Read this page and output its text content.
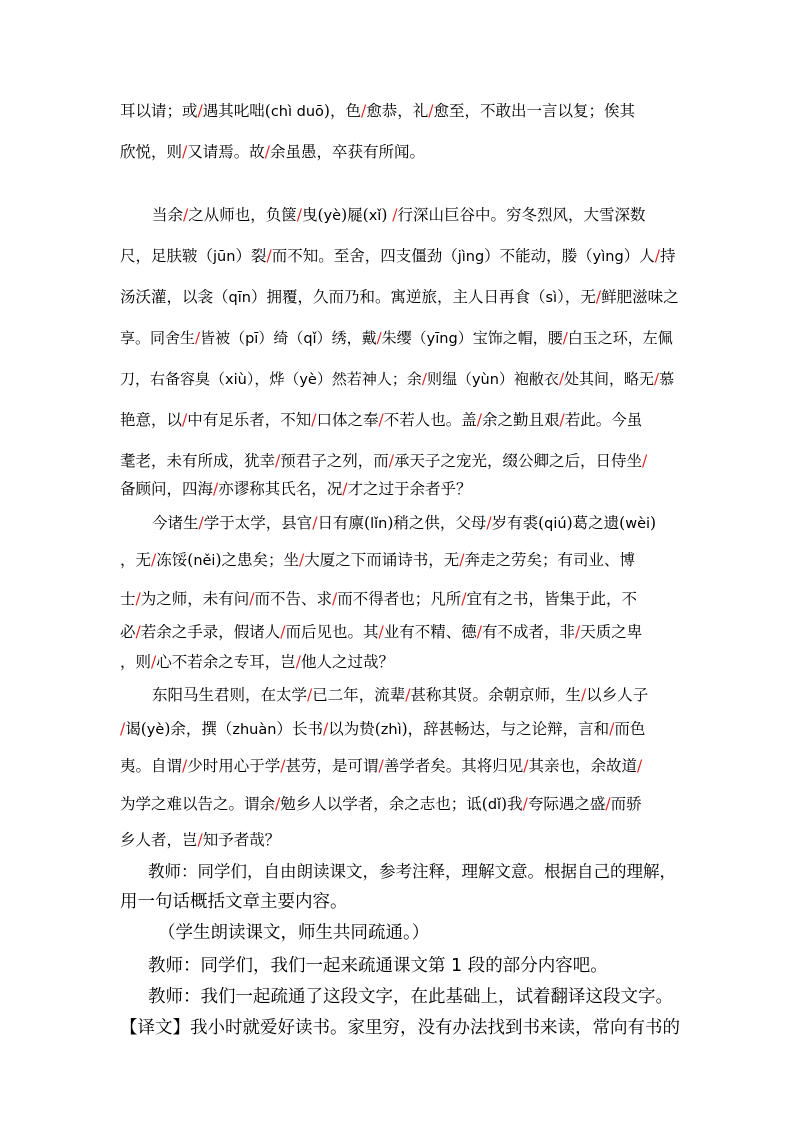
耳以请；或/遇其叱咄(chì duō)，色/愈恭，礼/愈至，不敢出一言以复；俟其
欣悦，则/又请焉。故/余虽愚，卒获有所闻。
当余/之从师也，负箧/曳(yè)屣(xǐ) /行深山巨谷中。穷冬烈风，大雪深数
尺，足肤皲（jūn）裂/而不知。至舍，四支僵劲（jìng）不能动，媵（yìng）人/持
汤沃灌，以衾（qīn）拥覆，久而乃和。寓逆旅，主人日再食（sì），无/鲜肥滋味之
享。同舍生/皆被（pī）绮（qǐ）绣，戴/朱缨（yīng）宝饰之帽，腰/白玉之环，左佩
刀，右备容臭（xiù），烨（yè）然若神人；余/则缊（yùn）袍敝衣/处其间，略无/慕
艳意，以/中有足乐者，不知/口体之奉/不若人也。盖/余之勤且艰/若此。今虽
耄老，未有所成，犹幸/预君子之列，而/承天子之宠光，缀公卿之后，日侍坐/
备顾问，四海/亦谬称其氏名，况/才之过于余者乎？
今诸生/学于太学，县官/日有廪(lǐn)稍之供，父母/岁有裘(qiú)葛之遗(wèi)
，无/冻馁(něi)之患矣；坐/大厦之下而诵诗书，无/奔走之劳矣；有司业、博
士/为之师，未有问/而不告、求/而不得者也；凡所/宜有之书，皆集于此，不
必/若余之手录，假诸人/而后见也。其/业有不精、德/有不成者，非/天质之卑
，则/心不若余之专耳，岂/他人之过哉？
东阳马生君则，在太学/已二年，流辈/甚称其贤。余朝京师，生/以乡人子
/谒(yè)余，撰（zhuàn）长书/以为贽(zhì)，辞甚畅达，与之论辩，言和/而色
夷。自谓/少时用心于学/甚劳，是可谓/善学者矣。其将归见/其亲也，余故道/
为学之难以告之。谓余/勉乡人以学者，余之志也；诋(dǐ)我/夸际遇之盛/而骄
乡人者，岂/知予者哉？
教师：同学们，自由朗读课文，参考注释，理解文意。根据自己的理解，
用一句话概括文章主要内容。
（学生朗读课文，师生共同疏通。）
教师：同学们，我们一起来疏通课文第 1 段的部分内容吧。
教师：我们一起疏通了这段文字，在此基础上，试着翻译这段文字。
【译文】我小时就爱好读书。家里穷，没有办法找到书来读，常向有书的
